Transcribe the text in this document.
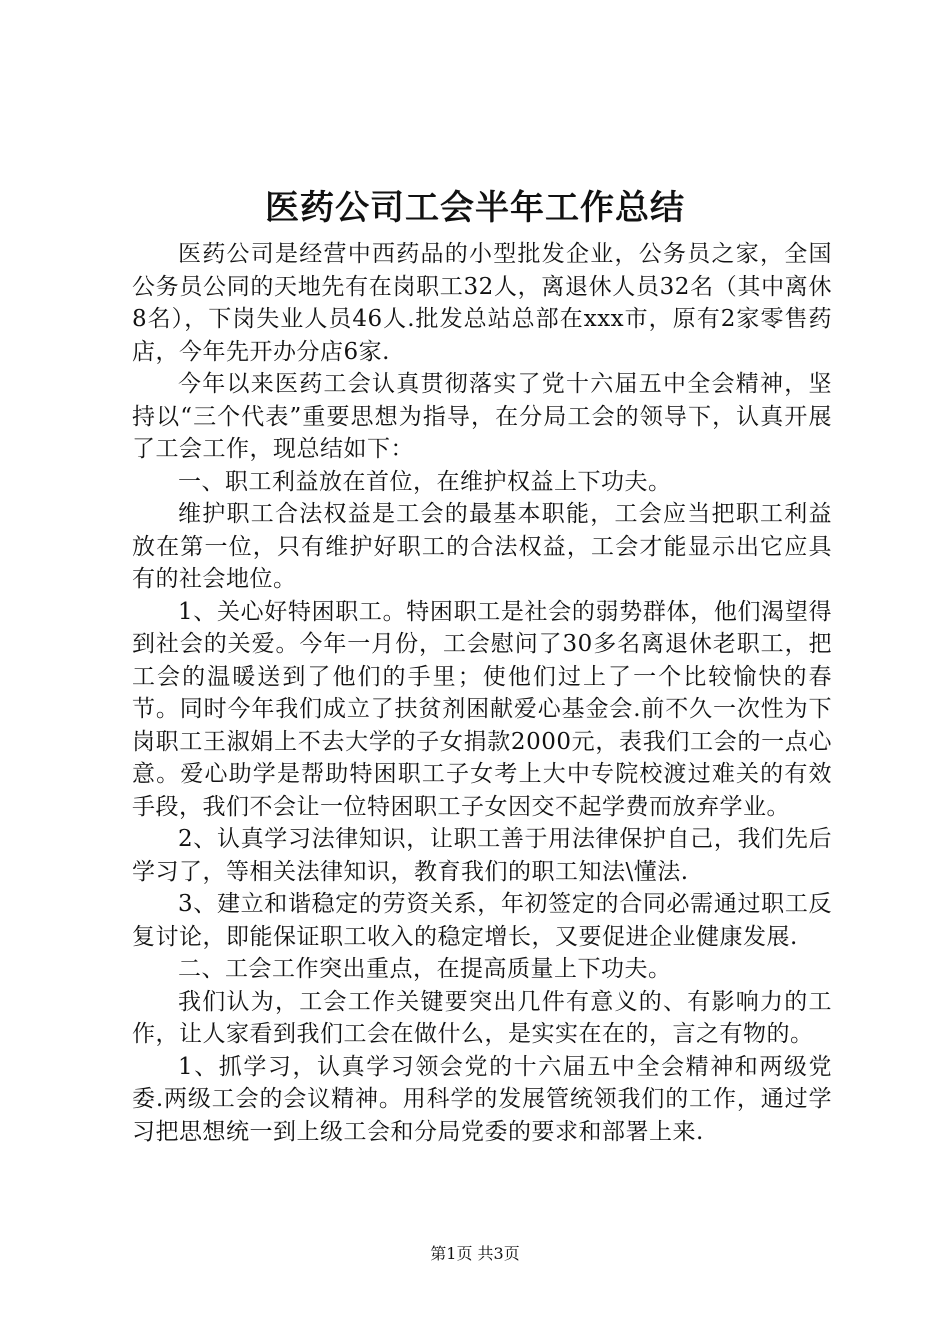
医药公司工会半年工作总结

医药公司是经营中西药品的小型批发企业，公务员之家，全国公务员公同的天地先有在岗职工32人，离退休人员32名（其中离休8名），下岗失业人员46人.批发总站总部在xxx市，原有2家零售药店，今年先开办分店6家.

今年以来医药工会认真贯彻落实了党十六届五中全会精神，坚持以“三个代表”重要思想为指导，在分局工会的领导下，认真开展了工会工作，现总结如下：

一、职工利益放在首位，在维护权益上下功夫。

维护职工合法权益是工会的最基本职能，工会应当把职工利益放在第一位，只有维护好职工的合法权益，工会才能显示出它应具有的社会地位。

1、关心好特困职工。特困职工是社会的弱势群体，他们渴望得到社会的关爱。今年一月份，工会慰问了30多名离退休老职工，把工会的温暖送到了他们的手里；使他们过上了一个比较愉快的春节。同时今年我们成立了扶贫剂困献爱心基金会.前不久一次性为下岗职工王淑娟上不去大学的子女捐款2000元，表我们工会的一点心意。爱心助学是帮助特困职工子女考上大中专院校渡过难关的有效手段，我们不会让一位特困职工子女因交不起学费而放弃学业。

2、认真学习法律知识，让职工善于用法律保护自己，我们先后学习了，等相关法律知识，教育我们的职工知法\懂法.

3、建立和谐稳定的劳资关系，年初签定的合同必需通过职工反复讨论，即能保证职工收入的稳定增长，又要促进企业健康发展.

二、工会工作突出重点，在提高质量上下功夫。

我们认为，工会工作关键要突出几件有意义的、有影响力的工作，让人家看到我们工会在做什么，是实实在在的，言之有物的。

1、抓学习，认真学习领会党的十六届五中全会精神和两级党委.两级工会的会议精神。用科学的发展管统领我们的工作，通过学习把思想统一到上级工会和分局党委的要求和部署上来.

第1页 共3页
